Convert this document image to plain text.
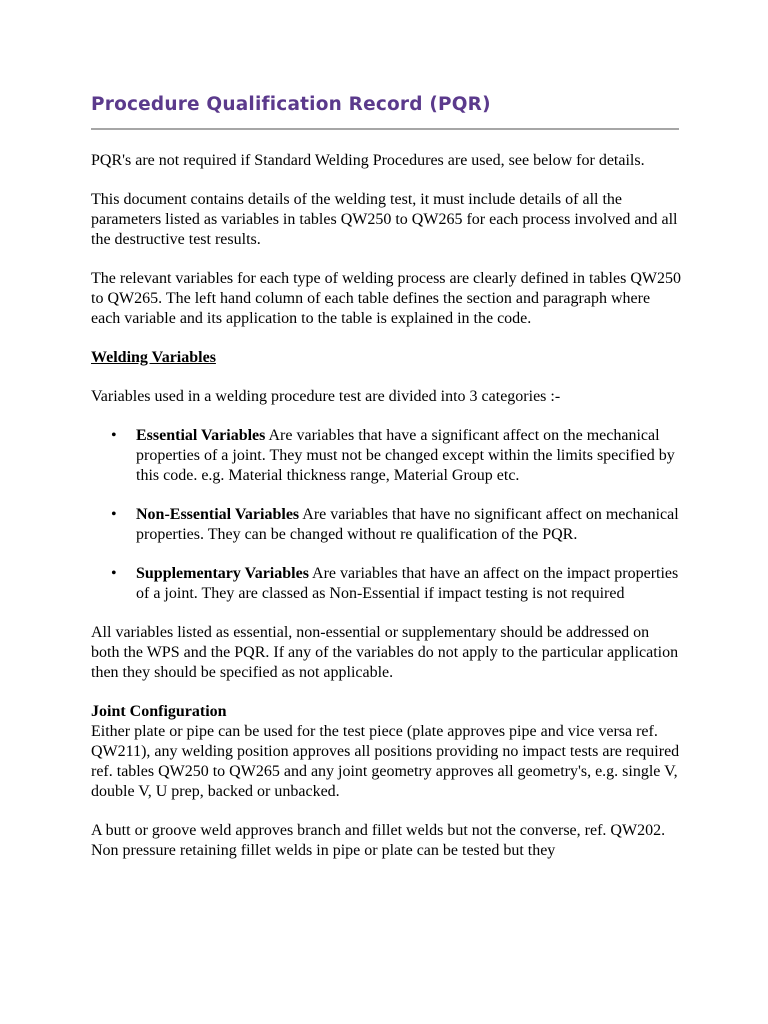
Procedure Qualification Record (PQR)

PQR's are not required if Standard Welding Procedures are used, see below for details.

This document contains details of the welding test, it must include details of all the parameters listed as variables in tables QW250 to QW265 for each process involved and all the destructive test results.

The relevant variables for each type of welding process are clearly defined in tables QW250 to QW265. The left hand column of each table defines the section and paragraph where each variable and its application to the table is explained in the code.

Welding Variables

Variables used in a welding procedure test are divided into 3 categories :-

• Essential Variables Are variables that have a significant affect on the mechanical properties of a joint. They must not be changed except within the limits specified by this code. e.g. Material thickness range, Material Group etc.
• Non-Essential Variables Are variables that have no significant affect on mechanical properties. They can be changed without re qualification of the PQR.
• Supplementary Variables Are variables that have an affect on the impact properties of a joint. They are classed as Non-Essential if impact testing is not required

All variables listed as essential, non-essential or supplementary should be addressed on both the WPS and the PQR. If any of the variables do not apply to the particular application then they should be specified as not applicable.

Joint Configuration
Either plate or pipe can be used for the test piece (plate approves pipe and vice versa ref. QW211), any welding position approves all positions providing no impact tests are required ref. tables QW250 to QW265 and any joint geometry approves all geometry's, e.g. single V, double V, U prep, backed or unbacked.

A butt or groove weld approves branch and fillet welds but not the converse, ref. QW202. Non pressure retaining fillet welds in pipe or plate can be tested but they
